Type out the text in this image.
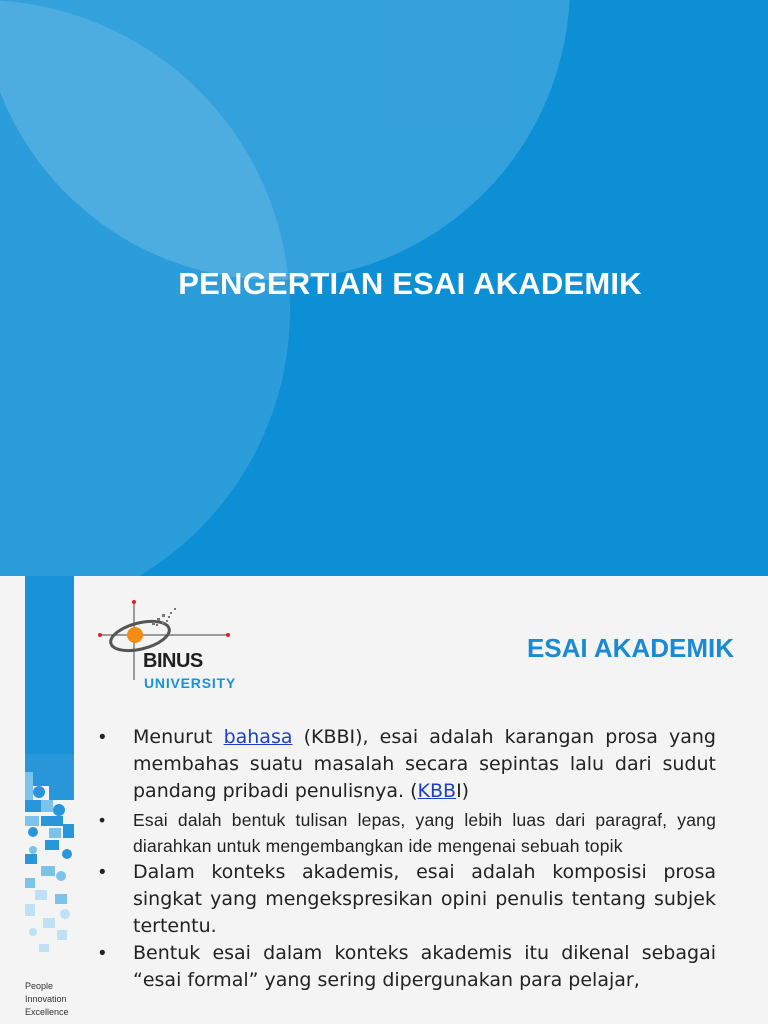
PENGERTIAN ESAI AKADEMIK
People
Innovation
Excellence
BINUS
UNIVERSITY
ESAI AKADEMIK
• Menurut bahasa (KBBI), esai adalah karangan prosa yang membahas suatu masalah secara sepintas lalu dari sudut pandang pribadi penulisnya. (KBBI)
• Esai dalah bentuk tulisan lepas, yang lebih luas dari paragraf, yang diarahkan untuk mengembangkan ide mengenai sebuah topik
• Dalam konteks akademis, esai adalah komposisi prosa singkat yang mengekspresikan opini penulis tentang subjek tertentu.
• Bentuk esai dalam konteks akademis itu dikenal sebagai “esai formal” yang sering dipergunakan para pelajar,
